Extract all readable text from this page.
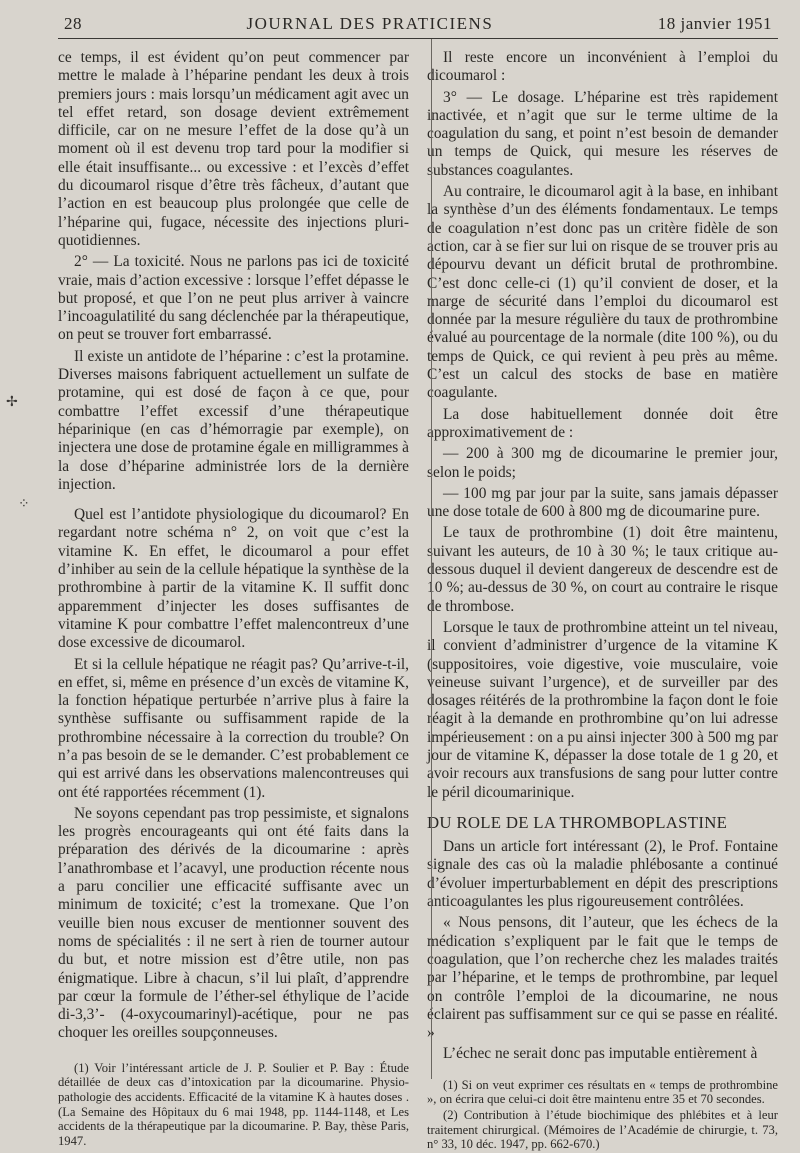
28	JOURNAL DES PRATICIENS	18 janvier 1951

ce temps, il est évident qu’on peut commencer par mettre le malade à l’héparine pendant les deux à trois premiers jours : mais lorsqu’un médicament agit avec un tel effet retard, son dosage devient extrêmement difficile, car on ne mesure l’effet de la dose qu’à un moment où il est devenu trop tard pour la modifier si elle était insuffisante... ou excessive : et l’excès d’effet du dicoumarol risque d’être très fâcheux, d’autant que l’action en est beaucoup plus prolongée que celle de l’héparine qui, fugace, nécessite des injections pluri-quotidiennes.

2° — La toxicité. Nous ne parlons pas ici de toxicité vraie, mais d’action excessive : lorsque l’effet dépasse le but proposé, et que l’on ne peut plus arriver à vaincre l’incoagulatilité du sang déclenchée par la thérapeutique, on peut se trouver fort embarrassé.

Il existe un antidote de l’héparine : c’est la protamine. Diverses maisons fabriquent actuellement un sulfate de protamine, qui est dosé de façon à ce que, pour combattre l’effet excessif d’une thérapeutique héparinique (en cas d’hémorragie par exemple), on injectera une dose de protamine égale en milligrammes à la dose d’héparine administrée lors de la dernière injection.

Quel est l’antidote physiologique du dicoumarol? En regardant notre schéma n° 2, on voit que c’est la vitamine K. En effet, le dicoumarol a pour effet d’inhiber au sein de la cellule hépatique la synthèse de la prothrombine à partir de la vitamine K. Il suffit donc apparemment d’injecter les doses suffisantes de vitamine K pour combattre l’effet malencontreux d’une dose excessive de dicoumarol.

Et si la cellule hépatique ne réagit pas? Qu’arrive-t-il, en effet, si, même en présence d’un excès de vitamine K, la fonction hépatique perturbée n’arrive plus à faire la synthèse suffisante ou suffisamment rapide de la prothrombine nécessaire à la correction du trouble? On n’a pas besoin de se le demander. C’est probablement ce qui est arrivé dans les observations malencontreuses qui ont été rapportées récemment (1).

Ne soyons cependant pas trop pessimiste, et signalons les progrès encourageants qui ont été faits dans la préparation des dérivés de la dicoumarine : après l’anathrombase et l’acavyl, une production récente nous a paru concilier une efficacité suffisante avec un minimum de toxicité; c’est la tromexane. Que l’on veuille bien nous excuser de mentionner souvent des noms de spécialités : il ne sert à rien de tourner autour du but, et notre mission est d’être utile, non pas énigmatique. Libre à chacun, s’il lui plaît, d’apprendre par cœur la formule de l’éther-sel éthylique de l’acide di-3,3’- (4-oxycoumarinyl)-acétique, pour ne pas choquer les oreilles soupçonneuses.

(1) Voir l’intéressant article de J. P. Soulier et P. Bay : Étude détaillée de deux cas d’intoxication par la dicoumarine. Physio-pathologie des accidents. Efficacité de la vitamine K à hautes doses .(La Semaine des Hôpitaux du 6 mai 1948, pp. 1144-1148, et Les accidents de la thérapeutique par la dicoumarine. P. Bay, thèse Paris, 1947.

Il reste encore un inconvénient à l’emploi du dicoumarol :

3° — Le dosage. L’héparine est très rapidement inactivée, et n’agit que sur le terme ultime de la coagulation du sang, et point n’est besoin de demander un temps de Quick, qui mesure les réserves de substances coagulantes.

Au contraire, le dicoumarol agit à la base, en inhibant la synthèse d’un des éléments fondamentaux. Le temps de coagulation n’est donc pas un critère fidèle de son action, car à se fier sur lui on risque de se trouver pris au dépourvu devant un déficit brutal de prothrombine. C’est donc celle-ci (1) qu’il convient de doser, et la marge de sécurité dans l’emploi du dicoumarol est donnée par la mesure régulière du taux de prothrombine évalué au pourcentage de la normale (dite 100 %), ou du temps de Quick, ce qui revient à peu près au même. C’est un calcul des stocks de base en matière coagulante.

La dose habituellement donnée doit être approximativement de :

— 200 à 300 mg de dicoumarine le premier jour, selon le poids;

— 100 mg par jour par la suite, sans jamais dépasser une dose totale de 600 à 800 mg de dicoumarine pure.

Le taux de prothrombine (1) doit être maintenu, suivant les auteurs, de 10 à 30 %; le taux critique au-dessous duquel il devient dangereux de descendre est de 10 %; au-dessus de 30 %, on court au contraire le risque de thrombose.

Lorsque le taux de prothrombine atteint un tel niveau, il convient d’administrer d’urgence de la vitamine K (suppositoires, voie digestive, voie musculaire, voie veineuse suivant l’urgence), et de surveiller par des dosages réitérés de la prothrombine la façon dont le foie réagit à la demande en prothrombine qu’on lui adresse impérieusement : on a pu ainsi injecter 300 à 500 mg par jour de vitamine K, dépasser la dose totale de 1 g 20, et avoir recours aux transfusions de sang pour lutter contre le péril dicoumarinique.

DU ROLE DE LA THROMBOPLASTINE

Dans un article fort intéressant (2), le Prof. Fontaine signale des cas où la maladie phlébosante a continué d’évoluer imperturbablement en dépit des prescriptions anticoagulantes les plus rigoureusement contrôlées.

« Nous pensons, dit l’auteur, que les échecs de la médication s’expliquent par le fait que le temps de coagulation, que l’on recherche chez les malades traités par l’héparine, et le temps de prothrombine, par lequel on contrôle l’emploi de la dicoumarine, ne nous éclairent pas suffisamment sur ce qui se passe en réalité. »

L’échec ne serait donc pas imputable entièrement à

(1) Si on veut exprimer ces résultats en « temps de prothrombine », on écrira que celui-ci doit être maintenu entre 35 et 70 secondes.

(2) Contribution à l’étude biochimique des phlébites et à leur traitement chirurgical. (Mémoires de l’Académie de chirurgie, t. 73, n° 33, 10 déc. 1947, pp. 662-670.)

✢
⁘
